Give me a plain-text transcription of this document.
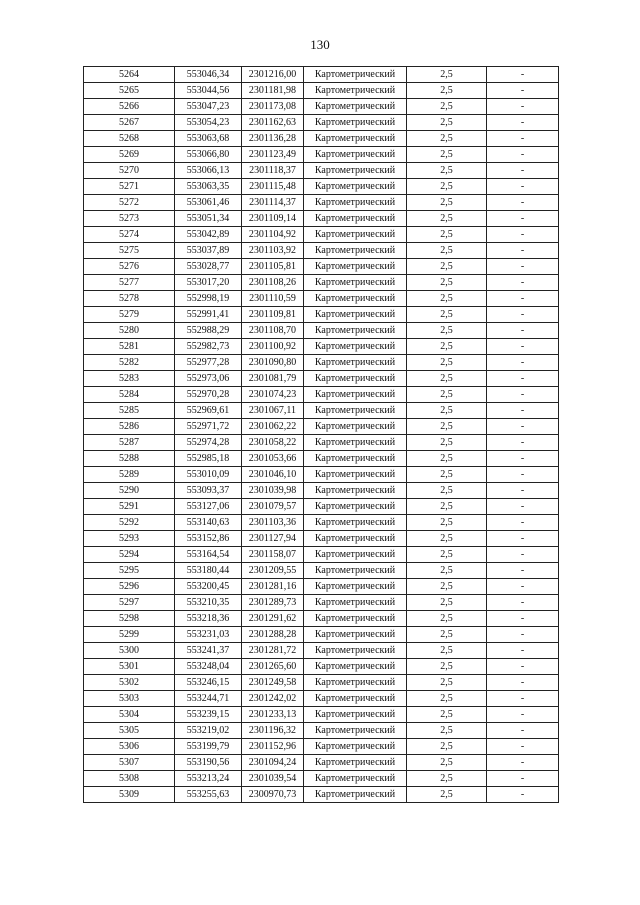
130
5264	553046,34	2301216,00	Картометрический	2,5	-
5265	553044,56	2301181,98	Картометрический	2,5	-
5266	553047,23	2301173,08	Картометрический	2,5	-
5267	553054,23	2301162,63	Картометрический	2,5	-
5268	553063,68	2301136,28	Картометрический	2,5	-
5269	553066,80	2301123,49	Картометрический	2,5	-
5270	553066,13	2301118,37	Картометрический	2,5	-
5271	553063,35	2301115,48	Картометрический	2,5	-
5272	553061,46	2301114,37	Картометрический	2,5	-
5273	553051,34	2301109,14	Картометрический	2,5	-
5274	553042,89	2301104,92	Картометрический	2,5	-
5275	553037,89	2301103,92	Картометрический	2,5	-
5276	553028,77	2301105,81	Картометрический	2,5	-
5277	553017,20	2301108,26	Картометрический	2,5	-
5278	552998,19	2301110,59	Картометрический	2,5	-
5279	552991,41	2301109,81	Картометрический	2,5	-
5280	552988,29	2301108,70	Картометрический	2,5	-
5281	552982,73	2301100,92	Картометрический	2,5	-
5282	552977,28	2301090,80	Картометрический	2,5	-
5283	552973,06	2301081,79	Картометрический	2,5	-
5284	552970,28	2301074,23	Картометрический	2,5	-
5285	552969,61	2301067,11	Картометрический	2,5	-
5286	552971,72	2301062,22	Картометрический	2,5	-
5287	552974,28	2301058,22	Картометрический	2,5	-
5288	552985,18	2301053,66	Картометрический	2,5	-
5289	553010,09	2301046,10	Картометрический	2,5	-
5290	553093,37	2301039,98	Картометрический	2,5	-
5291	553127,06	2301079,57	Картометрический	2,5	-
5292	553140,63	2301103,36	Картометрический	2,5	-
5293	553152,86	2301127,94	Картометрический	2,5	-
5294	553164,54	2301158,07	Картометрический	2,5	-
5295	553180,44	2301209,55	Картометрический	2,5	-
5296	553200,45	2301281,16	Картометрический	2,5	-
5297	553210,35	2301289,73	Картометрический	2,5	-
5298	553218,36	2301291,62	Картометрический	2,5	-
5299	553231,03	2301288,28	Картометрический	2,5	-
5300	553241,37	2301281,72	Картометрический	2,5	-
5301	553248,04	2301265,60	Картометрический	2,5	-
5302	553246,15	2301249,58	Картометрический	2,5	-
5303	553244,71	2301242,02	Картометрический	2,5	-
5304	553239,15	2301233,13	Картометрический	2,5	-
5305	553219,02	2301196,32	Картометрический	2,5	-
5306	553199,79	2301152,96	Картометрический	2,5	-
5307	553190,56	2301094,24	Картометрический	2,5	-
5308	553213,24	2301039,54	Картометрический	2,5	-
5309	553255,63	2300970,73	Картометрический	2,5	-
